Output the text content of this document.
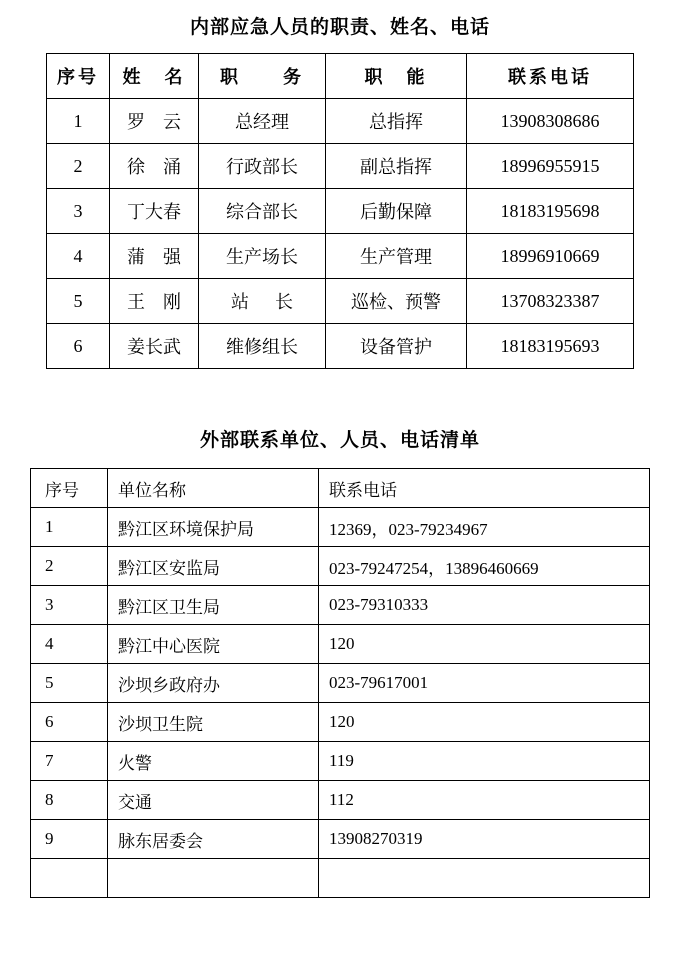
内部应急人员的职责、姓名、电话
序号	姓　名	职　　务	职　能	联系电话
1	罗　云	总经理	总指挥	13908308686
2	徐　涌	行政部长	副总指挥	18996955915
3	丁大春	综合部长	后勤保障	18183195698
4	蒲　强	生产场长	生产管理	18996910669
5	王　刚	站　长	巡检、预警	13708323387
6	姜长武	维修组长	设备管护	18183195693
外部联系单位、人员、电话清单
序号	单位名称	联系电话
1	黔江区环境保护局	12369，023-79234967
2	黔江区安监局	023-79247254，13896460669
3	黔江区卫生局	023-79310333
4	黔江中心医院	120
5	沙坝乡政府办	023-79617001
6	沙坝卫生院	120
7	火警	119
8	交通	112
9	脉东居委会	13908270319
